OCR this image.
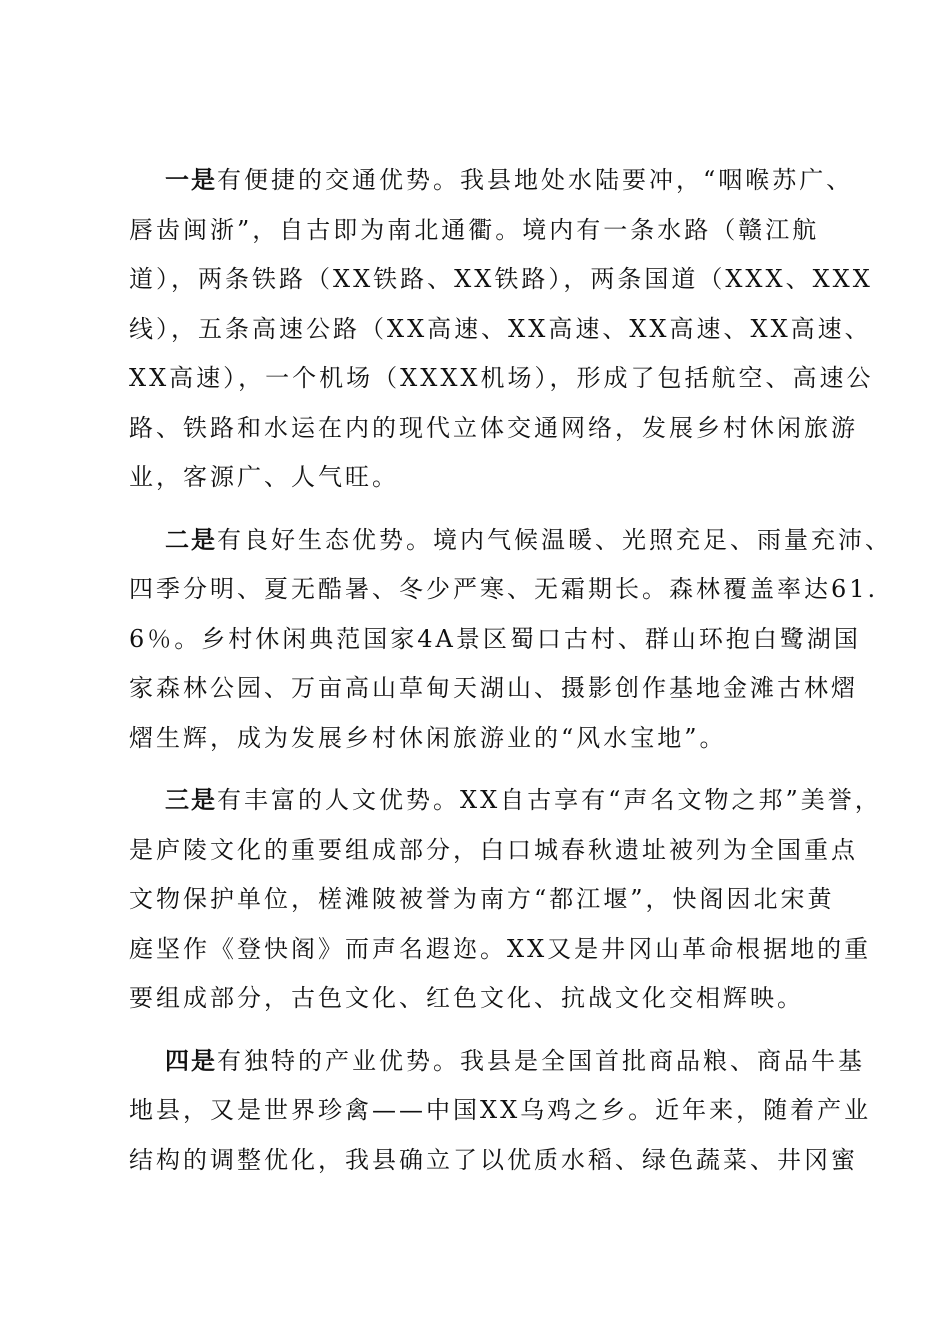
一是有便捷的交通优势。我县地处水陆要冲，“咽喉苏广、
唇齿闽浙”，自古即为南北通衢。境内有一条水路（赣江航
道），两条铁路（XX铁路、XX铁路），两条国道（XXX、XXX
线），五条高速公路（XX高速、XX高速、XX高速、XX高速、
XX高速），一个机场（XXXX机场），形成了包括航空、高速公
路、铁路和水运在内的现代立体交通网络，发展乡村休闲旅游
业，客源广、人气旺。
二是有良好生态优势。境内气候温暖、光照充足、雨量充沛、
四季分明、夏无酷暑、冬少严寒、无霜期长。森林覆盖率达61.
6％。乡村休闲典范国家4A景区蜀口古村、群山环抱白鹭湖国
家森林公园、万亩高山草甸天湖山、摄影创作基地金滩古林熠
熠生辉，成为发展乡村休闲旅游业的“风水宝地”。
三是有丰富的人文优势。XX自古享有“声名文物之邦”美誉，
是庐陵文化的重要组成部分，白口城春秋遗址被列为全国重点
文物保护单位，槎滩陂被誉为南方“都江堰”，快阁因北宋黄
庭坚作《登快阁》而声名遐迩。XX又是井冈山革命根据地的重
要组成部分，古色文化、红色文化、抗战文化交相辉映。
四是有独特的产业优势。我县是全国首批商品粮、商品牛基
地县，又是世界珍禽——中国XX乌鸡之乡。近年来，随着产业
结构的调整优化，我县确立了以优质水稻、绿色蔬菜、井冈蜜
